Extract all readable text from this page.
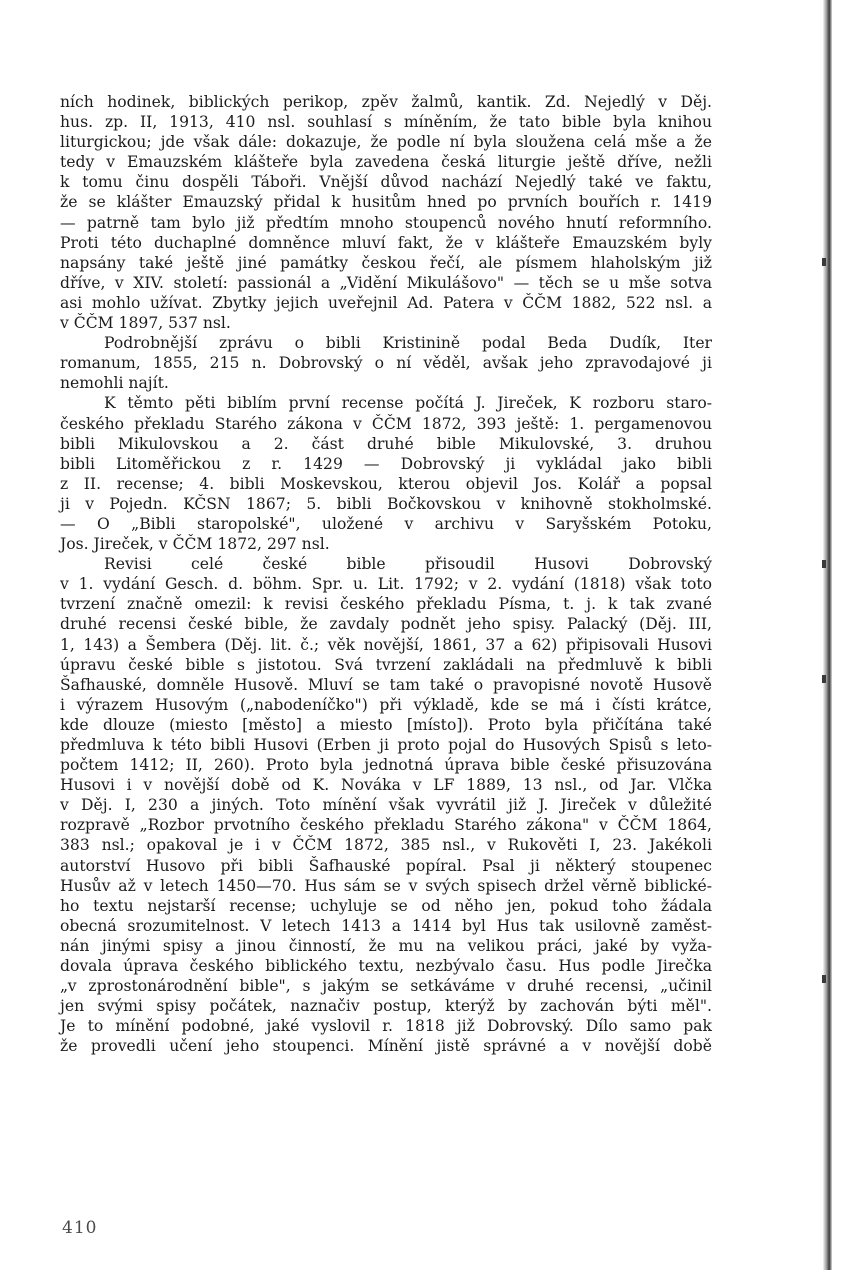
ních hodinek, biblických perikop, zpěv žalmů, kantik. Zd. Nejedlý v Děj.
hus. zp. II, 1913, 410 nsl. souhlasí s míněním, že tato bible byla knihou
liturgickou; jde však dále: dokazuje, že podle ní byla sloužena celá mše a že
tedy v Emauzském klášteře byla zavedena česká liturgie ještě dříve, nežli
k tomu činu dospěli Táboři. Vnější důvod nachází Nejedlý také ve faktu,
že se klášter Emauzský přidal k husitům hned po prvních bouřích r. 1419
— patrně tam bylo již předtím mnoho stoupenců nového hnutí reformního.
Proti této duchaplné domněnce mluví fakt, že v klášteře Emauzském byly
napsány také ještě jiné památky českou řečí, ale písmem hlaholským již
dříve, v XIV. století: passionál a „Vidění Mikulášovo" — těch se u mše sotva
asi mohlo užívat. Zbytky jejich uveřejnil Ad. Patera v ČČM 1882, 522 nsl. a
v ČČM 1897, 537 nsl.
Podrobnější zprávu o bibli Kristinině podal Beda Dudík, Iter
romanum, 1855, 215 n. Dobrovský o ní věděl, avšak jeho zpravodajové ji
nemohli najít.
K těmto pěti biblím první recense počítá J. Jireček, K rozboru staro-
českého překladu Starého zákona v ČČM 1872, 393 ještě: 1. pergamenovou
bibli Mikulovskou a 2. část druhé bible Mikulovské, 3. druhou
bibli Litoměřickou z r. 1429 — Dobrovský ji vykládal jako bibli
z II. recense; 4. bibli Moskevskou, kterou objevil Jos. Kolář a popsal
ji v Pojedn. KČSN 1867; 5. bibli Bočkovskou v knihovně stokholmské.
— O „Bibli staropolské", uložené v archivu v Saryšském Potoku,
Jos. Jireček, v ČČM 1872, 297 nsl.
Revisi celé české bible přisoudil Husovi Dobrovský
v 1. vydání Gesch. d. böhm. Spr. u. Lit. 1792; v 2. vydání (1818) však toto
tvrzení značně omezil: k revisi českého překladu Písma, t. j. k tak zvané
druhé recensi české bible, že zavdaly podnět jeho spisy. Palacký (Děj. III,
1, 143) a Šembera (Děj. lit. č.; věk novější, 1861, 37 a 62) připisovali Husovi
úpravu české bible s jistotou. Svá tvrzení zakládali na předmluvě k bibli
Šafhauské, domněle Husově. Mluví se tam také o pravopisné novotě Husově
i výrazem Husovým („nabodeníčko") při výkladě, kde se má i čísti krátce,
kde dlouze (miesto [město] a miesto [místo]). Proto byla přičítána také
předmluva k této bibli Husovi (Erben ji proto pojal do Husových Spisů s leto-
počtem 1412; II, 260). Proto byla jednotná úprava bible české přisuzována
Husovi i v novější době od K. Nováka v LF 1889, 13 nsl., od Jar. Vlčka
v Děj. I, 230 a jiných. Toto mínění však vyvrátil již J. Jireček v důležité
rozpravě „Rozbor prvotního českého překladu Starého zákona" v ČČM 1864,
383 nsl.; opakoval je i v ČČM 1872, 385 nsl., v Rukověti I, 23. Jakékoli
autorství Husovo při bibli Šafhauské popíral. Psal ji některý stoupenec
Husův až v letech 1450—70. Hus sám se v svých spisech držel věrně biblické-
ho textu nejstarší recense; uchyluje se od něho jen, pokud toho žádala
obecná srozumitelnost. V letech 1413 a 1414 byl Hus tak usilovně zaměst-
nán jinými spisy a jinou činností, že mu na velikou práci, jaké by vyža-
dovala úprava českého biblického textu, nezbývalo času. Hus podle Jirečka
„v zprostonárodnění bible", s jakým se setkáváme v druhé recensi, „učinil
jen svými spisy počátek, naznačiv postup, kterýž by zachován býti měl".
Je to mínění podobné, jaké vyslovil r. 1818 již Dobrovský. Dílo samo pak
že provedli učení jeho stoupenci. Mínění jistě správné a v novější době
410
